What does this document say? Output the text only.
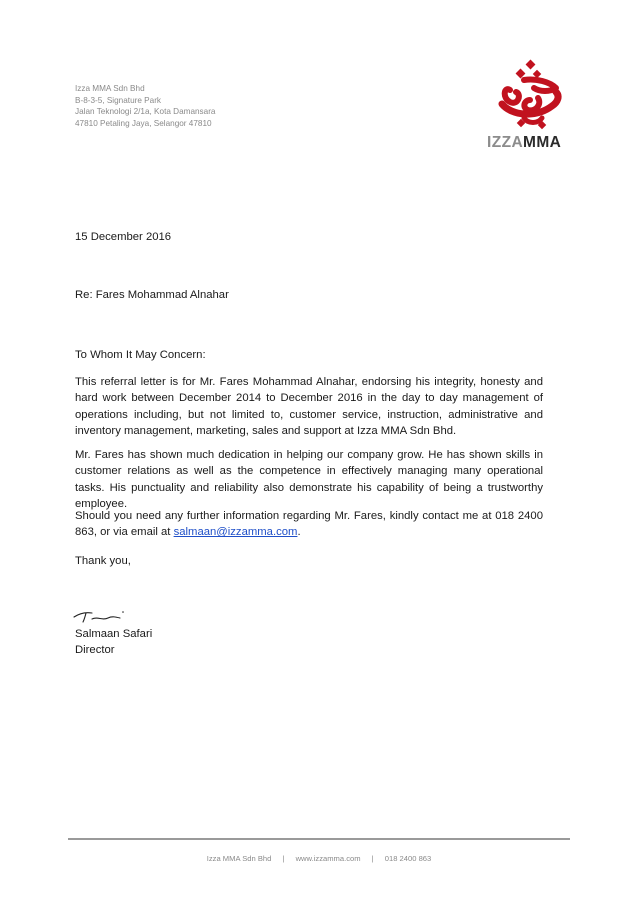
Izza MMA Sdn Bhd
B-8-3-5, Signature Park
Jalan Teknologi 2/1a, Kota Damansara
47810 Petaling Jaya, Selangor 47810
IZZAMMA
15 December 2016
Re: Fares Mohammad Alnahar
To Whom It May Concern:
This referral letter is for Mr. Fares Mohammad Alnahar, endorsing his integrity, honesty and hard work between December 2014 to December 2016 in the day to day management of operations including, but not limited to, customer service, instruction, administrative and inventory management, marketing, sales and support at Izza MMA Sdn Bhd.
Mr. Fares has shown much dedication in helping our company grow. He has shown skills in customer relations as well as the competence in effectively managing many operational tasks. His punctuality and reliability also demonstrate his capability of being a trustworthy employee.
Should you need any further information regarding Mr. Fares, kindly contact me at 018 2400 863, or via email at salmaan@izzamma.com.
Thank you,
Salmaan Safari
Director
Izza MMA Sdn Bhd | www.izzamma.com | 018 2400 863
